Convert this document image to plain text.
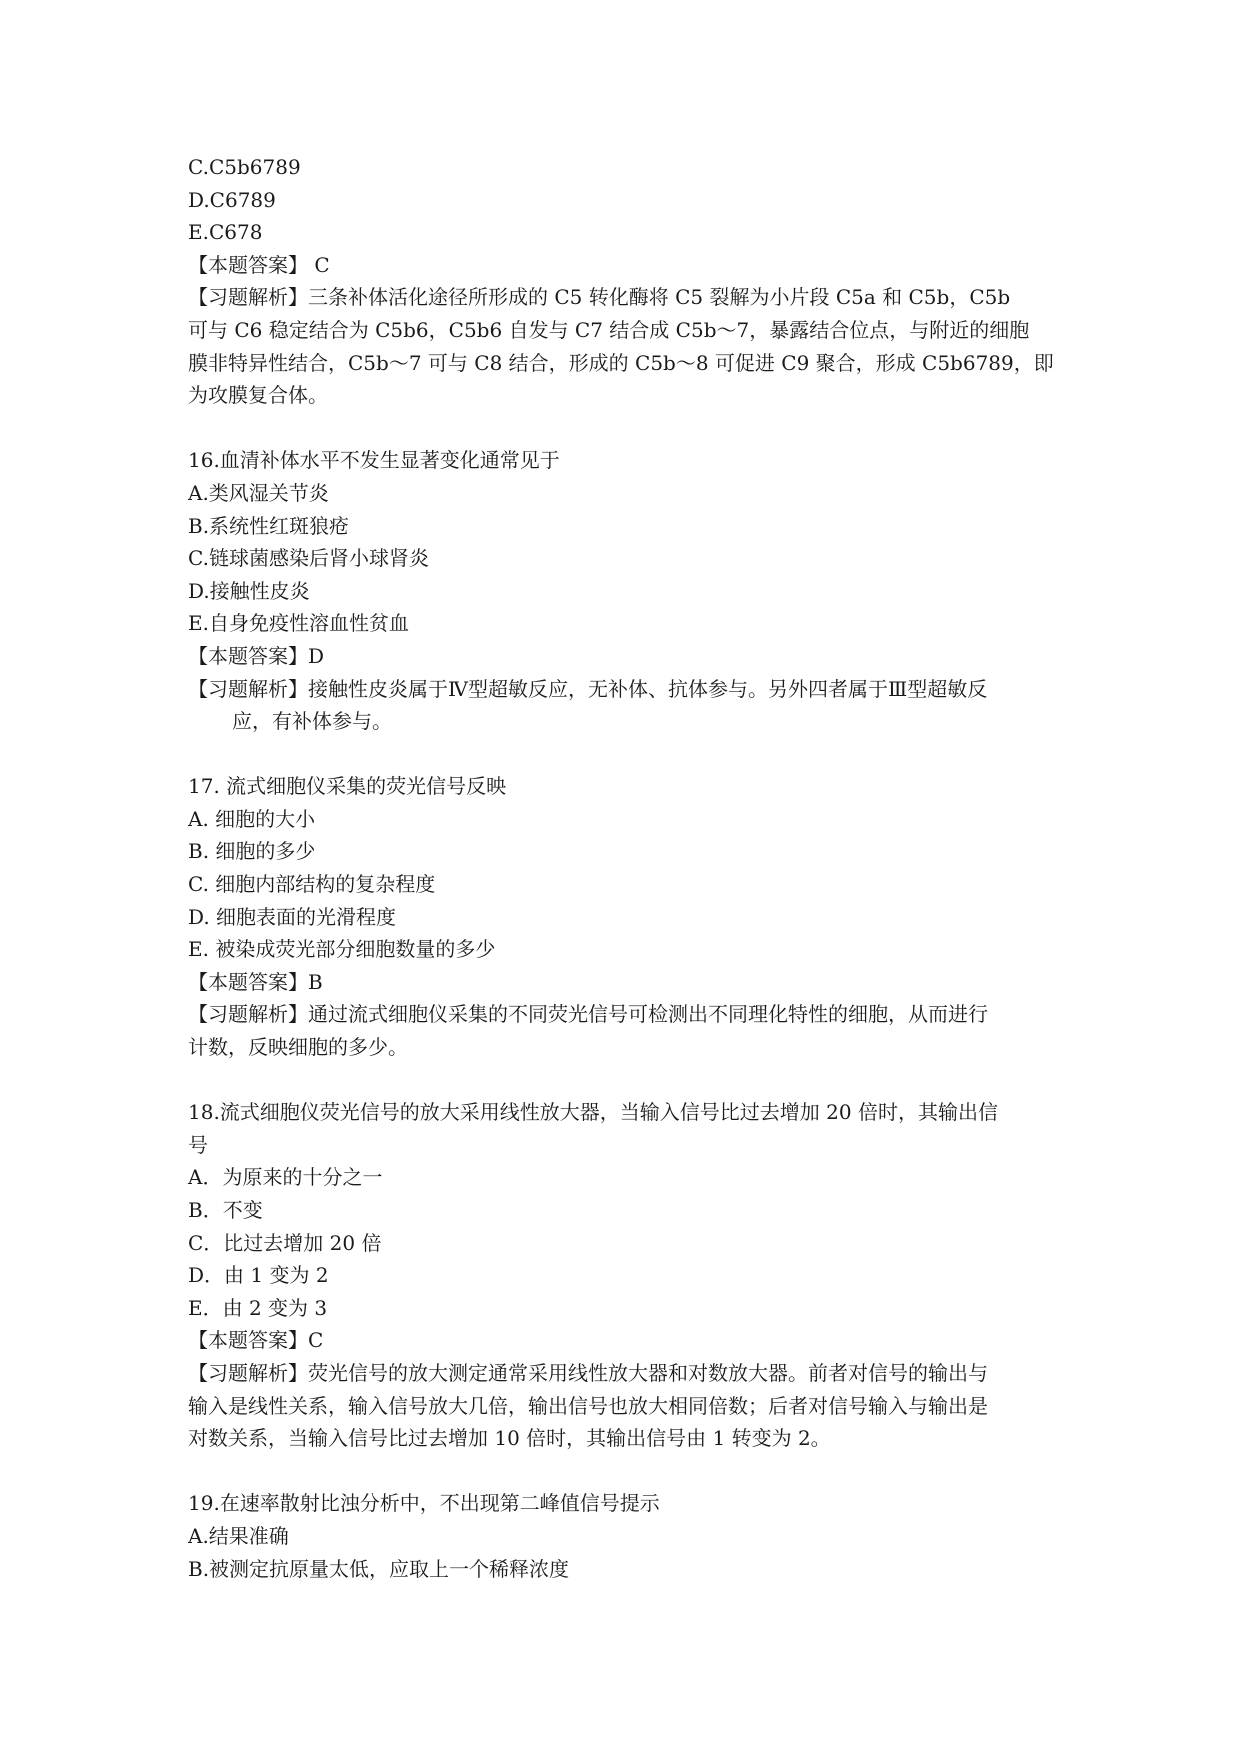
C.C5b6789
D.C6789
E.C678
【本题答案】 C
【习题解析】三条补体活化途径所形成的 C5 转化酶将 C5 裂解为小片段 C5a 和 C5b，C5b
可与 C6 稳定结合为 C5b6，C5b6 自发与 C7 结合成 C5b～7，暴露结合位点，与附近的细胞
膜非特异性结合，C5b～7 可与 C8 结合，形成的 C5b～8 可促进 C9 聚合，形成 C5b6789，即
为攻膜复合体。
16.血清补体水平不发生显著变化通常见于
A.类风湿关节炎
B.系统性红斑狼疮
C.链球菌感染后肾小球肾炎
D.接触性皮炎
E.自身免疫性溶血性贫血
【本题答案】D
【习题解析】接触性皮炎属于Ⅳ型超敏反应，无补体、抗体参与。另外四者属于Ⅲ型超敏反
应，有补体参与。
17. 流式细胞仪采集的荧光信号反映
A. 细胞的大小
B. 细胞的多少
C. 细胞内部结构的复杂程度
D. 细胞表面的光滑程度
E. 被染成荧光部分细胞数量的多少
【本题答案】B
【习题解析】通过流式细胞仪采集的不同荧光信号可检测出不同理化特性的细胞，从而进行
计数，反映细胞的多少。
18.流式细胞仪荧光信号的放大采用线性放大器，当输入信号比过去增加 20 倍时，其输出信
号
A．为原来的十分之一
B．不变
C．比过去增加 20 倍
D．由 1 变为 2
E．由 2 变为 3
【本题答案】C
【习题解析】荧光信号的放大测定通常采用线性放大器和对数放大器。前者对信号的输出与
输入是线性关系，输入信号放大几倍，输出信号也放大相同倍数；后者对信号输入与输出是
对数关系，当输入信号比过去增加 10 倍时，其输出信号由 1 转变为 2。
19.在速率散射比浊分析中，不出现第二峰值信号提示
A.结果准确
B.被测定抗原量太低，应取上一个稀释浓度
